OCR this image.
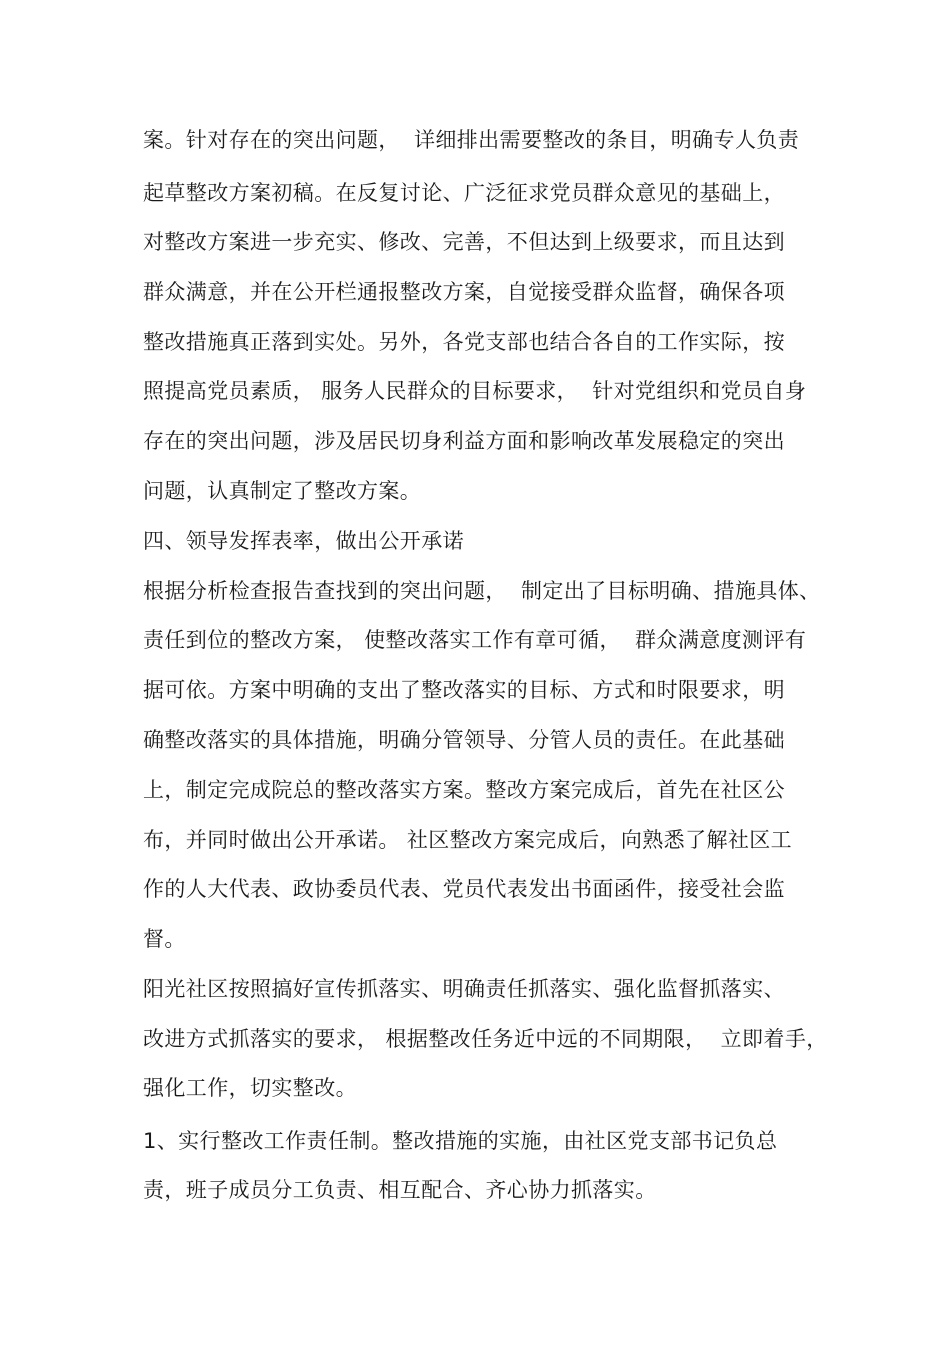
案。针对存在的突出问题，  详细排出需要整改的条目，明确专人负责
起草整改方案初稿。在反复讨论、广泛征求党员群众意见的基础上，
对整改方案进一步充实、修改、完善，不但达到上级要求，而且达到
群众满意，并在公开栏通报整改方案，自觉接受群众监督，确保各项
整改措施真正落到实处。另外，各党支部也结合各自的工作实际，按
照提高党员素质， 服务人民群众的目标要求，  针对党组织和党员自身
存在的突出问题，涉及居民切身利益方面和影响改革发展稳定的突出
问题，认真制定了整改方案。
四、领导发挥表率，做出公开承诺
根据分析检查报告查找到的突出问题，  制定出了目标明确、措施具体、
责任到位的整改方案， 使整改落实工作有章可循，  群众满意度测评有
据可依。方案中明确的支出了整改落实的目标、方式和时限要求，明
确整改落实的具体措施，明确分管领导、分管人员的责任。在此基础
上，制定完成院总的整改落实方案。整改方案完成后，首先在社区公
布，并同时做出公开承诺。 社区整改方案完成后，向熟悉了解社区工
作的人大代表、政协委员代表、党员代表发出书面函件，接受社会监
督。
阳光社区按照搞好宣传抓落实、明确责任抓落实、强化监督抓落实、
改进方式抓落实的要求， 根据整改任务近中远的不同期限，  立即着手，
强化工作，切实整改。
1、实行整改工作责任制。整改措施的实施，由社区党支部书记负总
责，班子成员分工负责、相互配合、齐心协力抓落实。
